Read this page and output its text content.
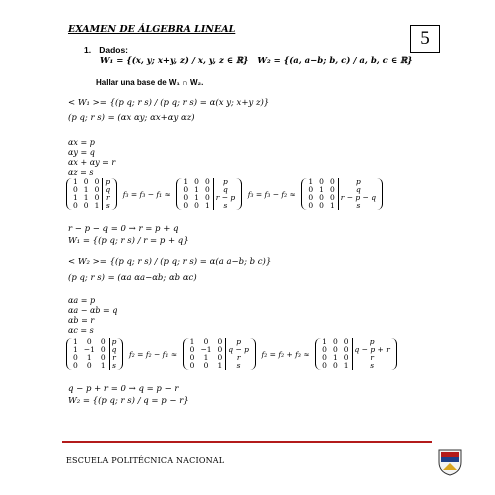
EXAMEN DE ÁLGEBRA LINEAL	5
1. Dados:
W₁ = {(x, y; x+y, z) / x, y, z ∈ ℝ} W₂ = {(a, a−b; b, c) / a, b, c ∈ ℝ}
Hallar una base de W₁ ∩ W₂.
< W₁ >= {(p q; r s) / (p q; r s) = α(x y; x+y z)}
(p q; r s) = (αx αy; αx+αy αz)
αx = p
αy = q
αx + αy = r
αz = s
1	0	0	p
0	1	0	q
1	1	0	r
0	0	1	s
f₃ = f₃ − f₁ ≈
1	0	0	p
0	1	0	q
0	1	0	r − p
0	0	1	s
f₃ = f₃ − f₂ ≈
1	0	0	p
0	1	0	q
0	0	0	r − p − q
0	0	1	s
r − p − q = 0 → r = p + q
W₁ = {(p q; r s) / r = p + q}
< W₂ >= {(p q; r s) / (p q; r s) = α(a a−b; b c)}
(p q; r s) = (αa αa−αb; αb αc)
αa = p
αa − αb = q
αb = r
αc = s
1	0	0	p
1	−1	0	q
0	1	0	r
0	0	1	s
f₂ = f₂ − f₁ ≈
1	0	0	p
0	−1	0	q − p
0	1	0	r
0	0	1	s
f₂ = f₂ + f₃ ≈
1	0	0	p
0	0	0	q − p + r
0	1	0	r
0	0	1	s
q − p + r = 0 → q = p − r
W₂ = {(p q; r s) / q = p − r}
ESCUELA POLITÉCNICA NACIONAL
